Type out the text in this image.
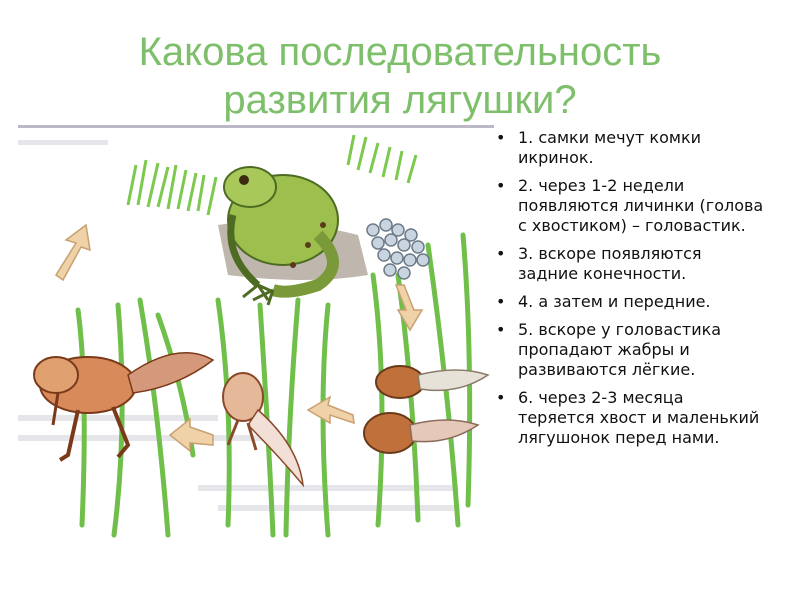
Какова последовательность
развития лягушки?
• 1. самки мечут комки икринок.
• 2. через 1-2 недели появляются личинки (голова с хвостиком) – головастик.
• 3. вскоре появляются задние конечности.
• 4. а затем и передние.
• 5. вскоре у головастика пропадают жабры и развиваются лёгкие.
• 6. через 2-3 месяца теряется хвост и маленький лягушонок перед нами.
